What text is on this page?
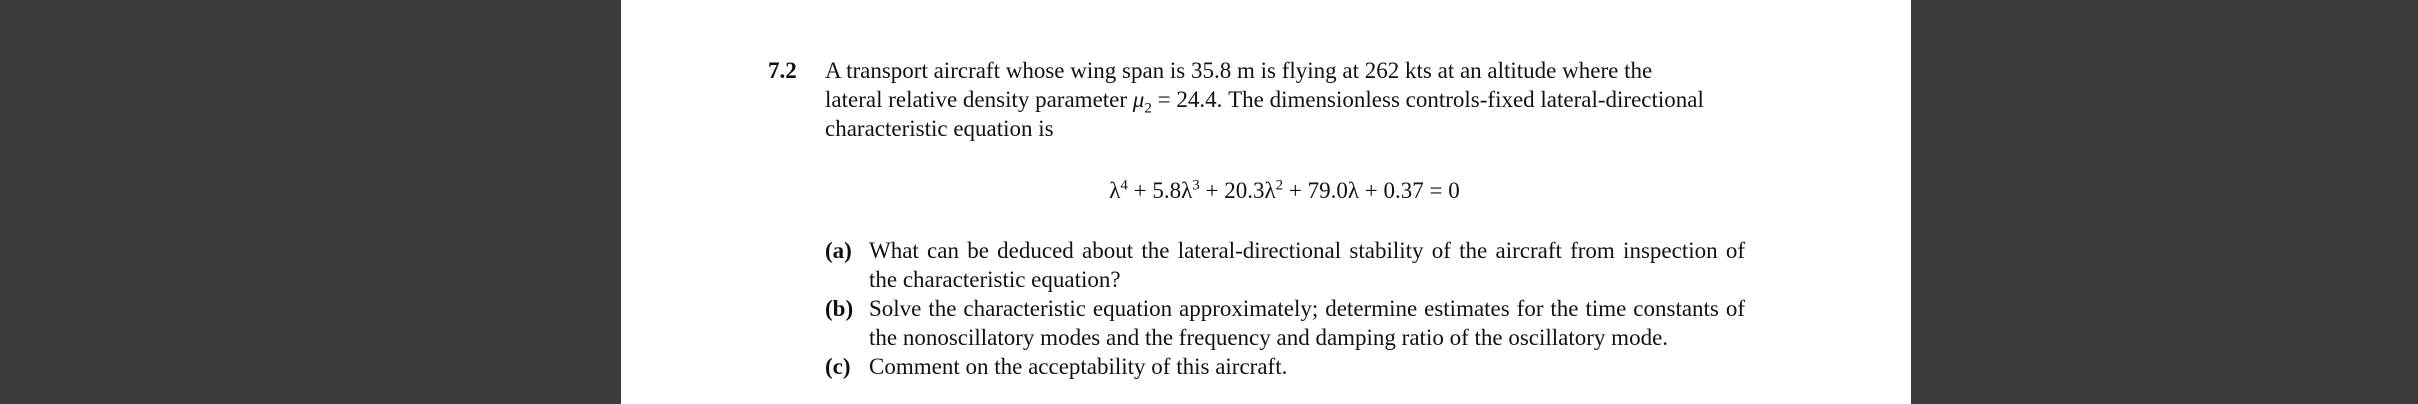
7.2 A transport aircraft whose wing span is 35.8 m is flying at 262 kts at an altitude where the lateral relative density parameter $\mu_2 = 24.4$. The dimensionless controls-fixed lateral-directional characteristic equation is
$\lambda^4 + 5.8\lambda^3 + 20.3\lambda^2 + 79.0\lambda + 0.37 = 0$
(a) What can be deduced about the lateral-directional stability of the aircraft from inspection of the characteristic equation?
(b) Solve the characteristic equation approximately; determine estimates for the time constants of the nonoscillatory modes and the frequency and damping ratio of the oscillatory mode.
(c) Comment on the acceptability of this aircraft.
